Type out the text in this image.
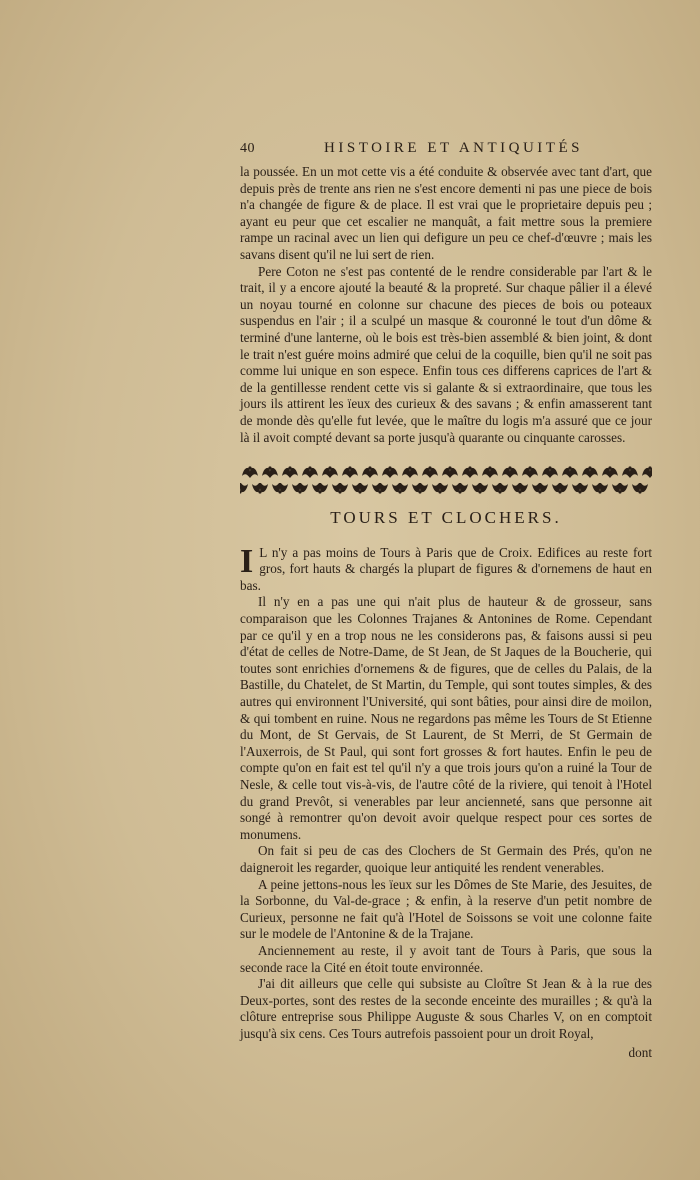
40	HISTOIRE ET ANTIQUITÉS

la pousséе. En un mot cette vis a été conduite & observée avec tant d'art, que depuis près de trente ans rien ne s'est encore dementi ni pas une piece de bois n'a changée de figure & de place. Il est vrai que le proprietaire depuis peu ; ayant eu peur que cet escalier ne manquât, a fait mettre sous la premiere rampe un racinal avec un lien qui defigure un peu ce chef-d'œuvre ; mais les savans disent qu'il ne lui sert de rien.

Pere Coton ne s'est pas contenté de le rendre considerable par l'art & le trait, il y a encore ajouté la beauté & la propreté. Sur chaque pâlier il a élevé un noyau tourné en colonne sur chacune des pieces de bois ou poteaux suspendus en l'air ; il a sculpé un masque & couronné le tout d'un dôme & terminé d'une lanterne, où le bois est très-bien assemblé & bien joint, & dont le trait n'est guére moins admiré que celui de la coquille, bien qu'il ne soit pas comme lui unique en son espece. Enfin tous ces differens caprices de l'art & de la gentillesse rendent cette vis si galante & si extraordinaire, que tous les jours ils attirent les ïeux des curieux & des savans ; & enfin amasserent tant de monde dès qu'elle fut levée, que le maître du logis m'a assuré que ce jour là il avoit compté devant sa porte jusqu'à quarante ou cinquante carosses.

TOURS ET CLOCHERS.

I L n'y a pas moins de Tours à Paris que de Croix. Edifices au reste fort gros, fort hauts & chargés la plupart de figures & d'ornemens de haut en bas.

Il n'y en a pas une qui n'ait plus de hauteur & de grosseur, sans comparaison que les Colonnes Trajanes & Antonines de Rome. Cependant par ce qu'il y en a trop nous ne les considerons pas, & faisons aussi si peu d'état de celles de Notre-Dame, de St Jean, de St Jaques de la Boucherie, qui toutes sont enrichies d'ornemens & de figures, que de celles du Palais, de la Bastille, du Chatelet, de St Martin, du Temple, qui sont toutes simples, & des autres qui environnent l'Université, qui sont bâties, pour ainsi dire de moilon, & qui tombent en ruine. Nous ne regardons pas même les Tours de St Etienne du Mont, de St Gervais, de St Laurent, de St Merri, de St Germain de l'Auxerrois, de St Paul, qui sont fort grosses & fort hautes. Enfin le peu de compte qu'on en fait est tel qu'il n'y a que trois jours qu'on a ruiné la Tour de Nesle, & celle tout vis-à-vis, de l'autre côté de la riviere, qui tenoit à l'Hotel du grand Prevôt, si venerables par leur ancienneté, sans que personne ait songé à remontrer qu'on devoit avoir quelque respect pour ces sortes de monumens.

On fait si peu de cas des Clochers de St Germain des Prés, qu'on ne daigneroit les regarder, quoique leur antiquité les rendent venerables.

A peine jettons-nous les ïeux sur les Dômes de Ste Marie, des Jesuites, de la Sorbonne, du Val-de-grace ; & enfin, à la reserve d'un petit nombre de Curieux, personne ne fait qu'à l'Hotel de Soissons se voit une colonne faite sur le modele de l'Antonine & de la Trajane.

Anciennement au reste, il y avoit tant de Tours à Paris, que sous la seconde race la Cité en étoit toute environnée.

J'ai dit ailleurs que celle qui subsiste au Cloître St Jean & à la rue des Deux-portes, sont des restes de la seconde enceinte des murailles ; & qu'à la clôture entreprise sous Philippe Auguste & sous Charles V, on en comptoit jusqu'à six cens. Ces Tours autrefois passoient pour un droit Royal,

dont
